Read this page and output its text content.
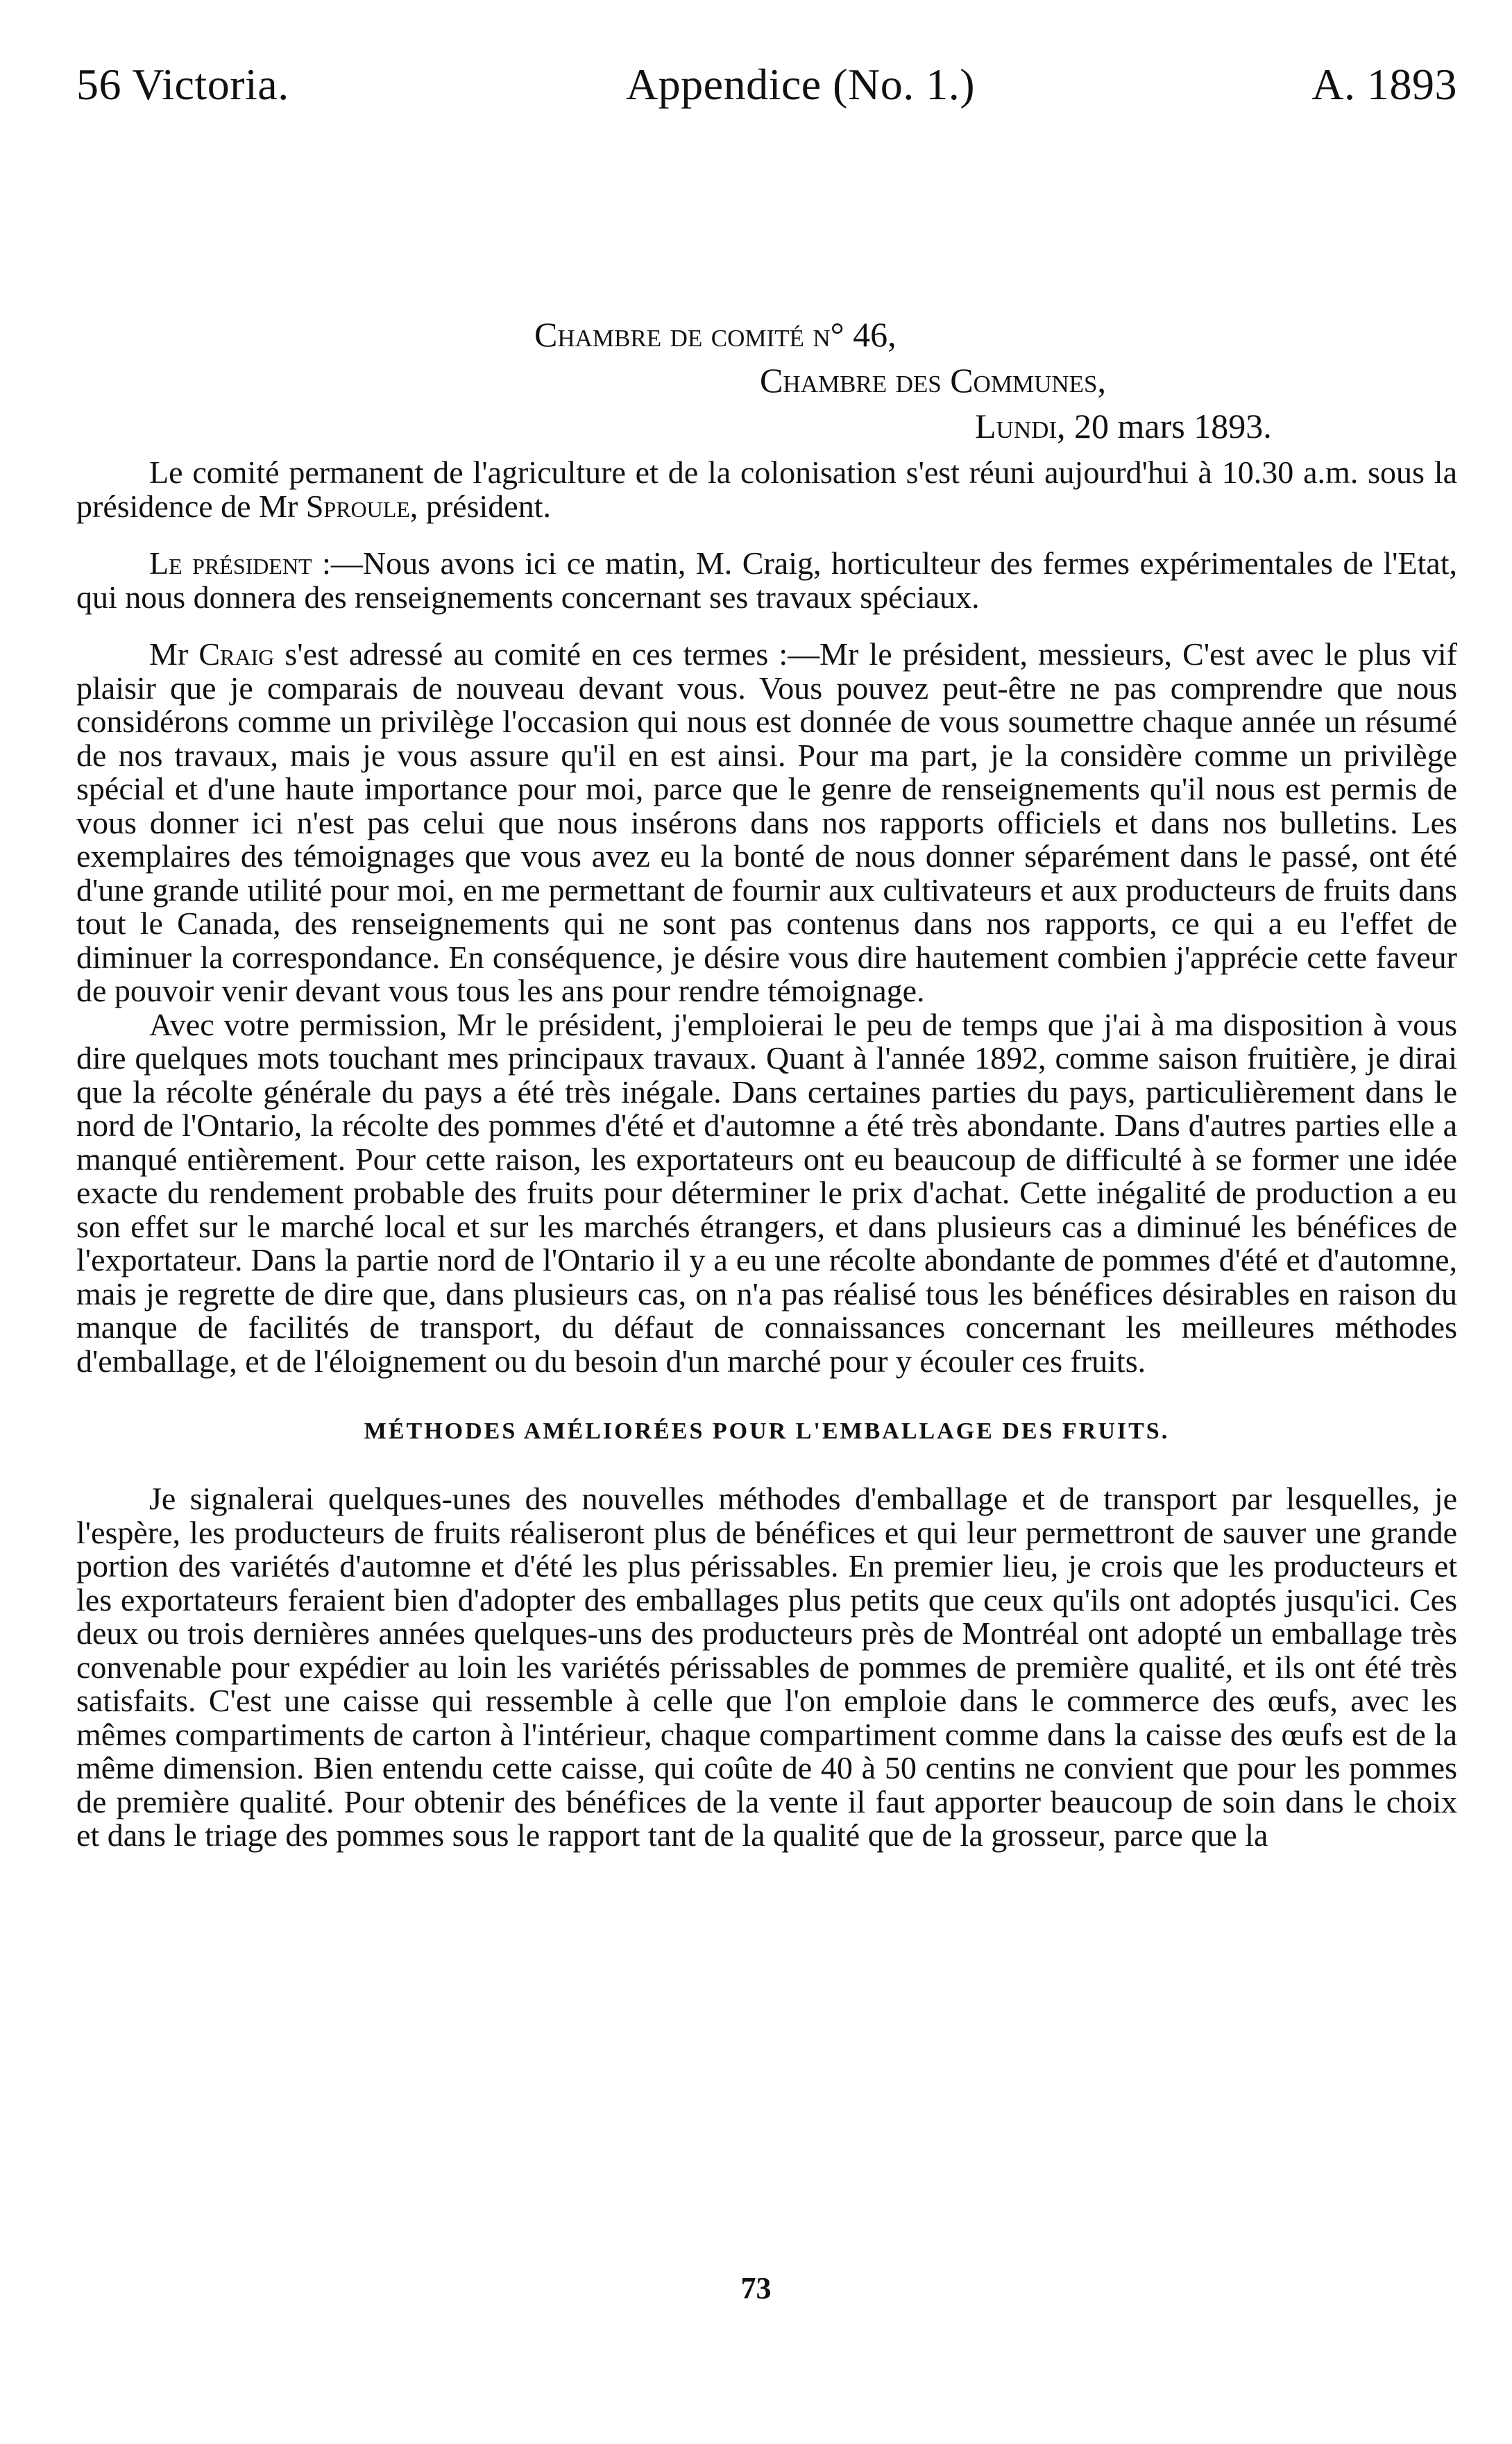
56 Victoria.	Appendice (No. 1.)	A. 1893
Chambre de comité n° 46,
Chambre des Communes,
Lundi, 20 mars 1893.

Le comité permanent de l'agriculture et de la colonisation s'est réuni aujourd'hui à 10.30 a.m. sous la présidence de Mr Sproule, président.

Le président :—Nous avons ici ce matin, M. Craig, horticulteur des fermes expérimentales de l'Etat, qui nous donnera des renseignements concernant ses travaux spéciaux.

Mr Craig s'est adressé au comité en ces termes :—Mr le président, messieurs, C'est avec le plus vif plaisir que je comparais de nouveau devant vous. Vous pouvez peut-être ne pas comprendre que nous considérons comme un privilège l'occasion qui nous est donnée de vous soumettre chaque année un résumé de nos travaux, mais je vous assure qu'il en est ainsi. Pour ma part, je la considère comme un privilège spécial et d'une haute importance pour moi, parce que le genre de renseignements qu'il nous est permis de vous donner ici n'est pas celui que nous insérons dans nos rapports officiels et dans nos bulletins. Les exemplaires des témoignages que vous avez eu la bonté de nous donner séparément dans le passé, ont été d'une grande utilité pour moi, en me permettant de fournir aux cultivateurs et aux producteurs de fruits dans tout le Canada, des renseignements qui ne sont pas contenus dans nos rapports, ce qui a eu l'effet de diminuer la correspondance. En conséquence, je désire vous dire hautement combien j'apprécie cette faveur de pouvoir venir devant vous tous les ans pour rendre témoignage.

Avec votre permission, Mr le président, j'emploierai le peu de temps que j'ai à ma disposition à vous dire quelques mots touchant mes principaux travaux. Quant à l'année 1892, comme saison fruitière, je dirai que la récolte générale du pays a été très inégale. Dans certaines parties du pays, particulièrement dans le nord de l'Ontario, la récolte des pommes d'été et d'automne a été très abondante. Dans d'autres parties elle a manqué entièrement. Pour cette raison, les exportateurs ont eu beaucoup de difficulté à se former une idée exacte du rendement probable des fruits pour déterminer le prix d'achat. Cette inégalité de production a eu son effet sur le marché local et sur les marchés étrangers, et dans plusieurs cas a diminué les bénéfices de l'exportateur. Dans la partie nord de l'Ontario il y a eu une récolte abondante de pommes d'été et d'automne, mais je regrette de dire que, dans plusieurs cas, on n'a pas réalisé tous les bénéfices désirables en raison du manque de facilités de transport, du défaut de connaissances concernant les meilleures méthodes d'emballage, et de l'éloignement ou du besoin d'un marché pour y écouler ces fruits.

MÉTHODES AMÉLIORÉES POUR L'EMBALLAGE DES FRUITS.

Je signalerai quelques-unes des nouvelles méthodes d'emballage et de transport par lesquelles, je l'espère, les producteurs de fruits réaliseront plus de bénéfices et qui leur permettront de sauver une grande portion des variétés d'automne et d'été les plus périssables. En premier lieu, je crois que les producteurs et les exportateurs feraient bien d'adopter des emballages plus petits que ceux qu'ils ont adoptés jusqu'ici. Ces deux ou trois dernières années quelques-uns des producteurs près de Montréal ont adopté un emballage très convenable pour expédier au loin les variétés périssables de pommes de première qualité, et ils ont été très satisfaits. C'est une caisse qui ressemble à celle que l'on emploie dans le commerce des œufs, avec les mêmes compartiments de carton à l'intérieur, chaque compartiment comme dans la caisse des œufs est de la même dimension. Bien entendu cette caisse, qui coûte de 40 à 50 centins ne convient que pour les pommes de première qualité. Pour obtenir des bénéfices de la vente il faut apporter beaucoup de soin dans le choix et dans le triage des pommes sous le rapport tant de la qualité que de la grosseur, parce que la

73
